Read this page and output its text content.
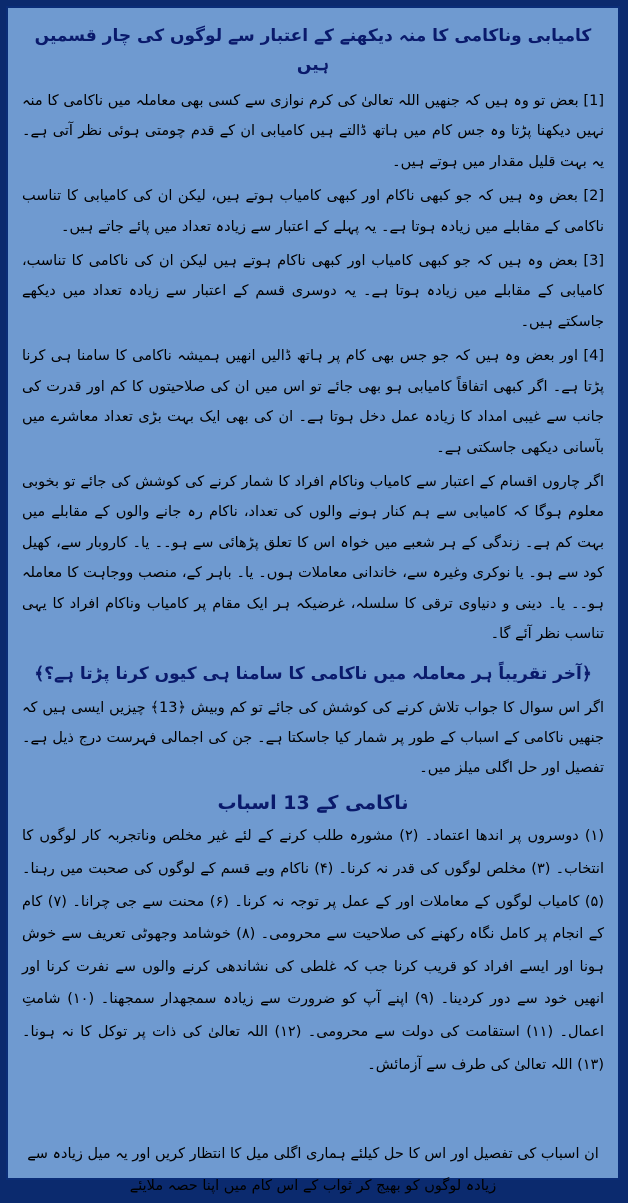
کامیابی وناکامی کا منہ دیکھنے کے اعتبار سے لوگوں کی چار قسمیں ہیں

[1] بعض تو وہ ہیں کہ جنھیں اللہ تعالیٰ کی کرم نوازی سے کسی بھی معاملہ میں ناکامی کا منہ نہیں دیکھنا پڑتا وہ جس کام میں ہاتھ ڈالتے ہیں کامیابی ان کے قدم چومتی ہوئی نظر آتی ہے۔ یہ بہت قلیل مقدار میں ہوتے ہیں۔

[2] بعض وہ ہیں کہ جو کبھی ناکام اور کبھی کامیاب ہوتے ہیں، لیکن ان کی کامیابی کا تناسب ناکامی کے مقابلے میں زیادہ ہوتا ہے۔ یہ پہلے کے اعتبار سے زیادہ تعداد میں پائے جاتے ہیں۔

[3] بعض وہ ہیں کہ جو کبھی کامیاب اور کبھی ناکام ہوتے ہیں لیکن ان کی ناکامی کا تناسب، کامیابی کے مقابلے میں زیادہ ہوتا ہے۔ یہ دوسری قسم کے اعتبار سے زیادہ تعداد میں دیکھے جاسکتے ہیں۔

[4] اور بعض وہ ہیں کہ جو جس بھی کام پر ہاتھ ڈالیں انھیں ہمیشہ ناکامی کا سامنا ہی کرنا پڑتا ہے۔ اگر کبھی اتفاقاً کامیابی ہو بھی جائے تو اس میں ان کی صلاحیتوں کا کم اور قدرت کی جانب سے غیبی امداد کا زیادہ عمل دخل ہوتا ہے۔ ان کی بھی ایک بہت بڑی تعداد معاشرے میں بآسانی دیکھی جاسکتی ہے۔

اگر چاروں اقسام کے اعتبار سے کامیاب وناکام افراد کا شمار کرنے کی کوشش کی جائے تو بخوبی معلوم ہوگا کہ کامیابی سے ہم کنار ہونے والوں کی تعداد، ناکام رہ جانے والوں کے مقابلے میں بہت کم ہے۔ زندگی کے ہر شعبے میں خواہ اس کا تعلق پڑھائی سے ہو۔۔ یا۔ کاروبار سے، کھیل کود سے ہو۔ یا نوکری وغیرہ سے، خاندانی معاملات ہوں۔ یا۔ باہر کے، منصب ووجاہت کا معاملہ ہو۔۔ یا۔ دینی و دنیاوی ترقی کا سلسلہ، غرضیکہ ہر ایک مقام پر کامیاب وناکام افراد کا یہی تناسب نظر آئے گا۔

﴿آخر تقریباً ہر معاملہ میں ناکامی کا سامنا ہی کیوں کرنا پڑتا ہے؟﴾

اگر اس سوال کا جواب تلاش کرنے کی کوشش کی جائے تو کم وبیش ﴿13﴾ چیزیں ایسی ہیں کہ جنھیں ناکامی کے اسباب کے طور پر شمار کیا جاسکتا ہے۔ جن کی اجمالی فہرست درج ذیل ہے۔ تفصیل اور حل اگلی میلز میں۔

ناکامی کے 13 اسباب

(۱) دوسروں پر اندھا اعتماد۔ (۲) مشورہ طلب کرنے کے لئے غیر مخلص وناتجربہ کار لوگوں کا انتخاب۔ (۳) مخلص لوگوں کی قدر نہ کرنا۔ (۴) ناکام وبے قسم کے لوگوں کی صحبت میں رہنا۔ (۵) کامیاب لوگوں کے معاملات اور کے عمل پر توجہ نہ کرنا۔ (۶) محنت سے جی چرانا۔ (۷) کام کے انجام پر کامل نگاہ رکھنے کی صلاحیت سے محرومی۔ (۸) خوشامد وجھوٹی تعریف سے خوش ہونا اور ایسے افراد کو قریب کرنا جب کہ غلطی کی نشاندھی کرنے والوں سے نفرت کرنا اور انھیں خود سے دور کردینا۔ (۹) اپنے آپ کو ضرورت سے زیادہ سمجھدار سمجھنا۔ (۱۰) شامتِ اعمال۔ (۱۱) استقامت کی دولت سے محرومی۔ (۱۲) اللہ تعالیٰ کی ذات پر توکل کا نہ ہونا۔ (۱۳) اللہ تعالیٰ کی طرف سے آزمائش۔

ان اسباب کی تفصیل اور اس کا حل کیلئے ہماری اگلی میل کا انتظار کریں اور یہ میل زیادہ سے زیادہ لوگوں کو بھیج کر ثواب کے اس کام میں اپنا حصہ ملایئے
